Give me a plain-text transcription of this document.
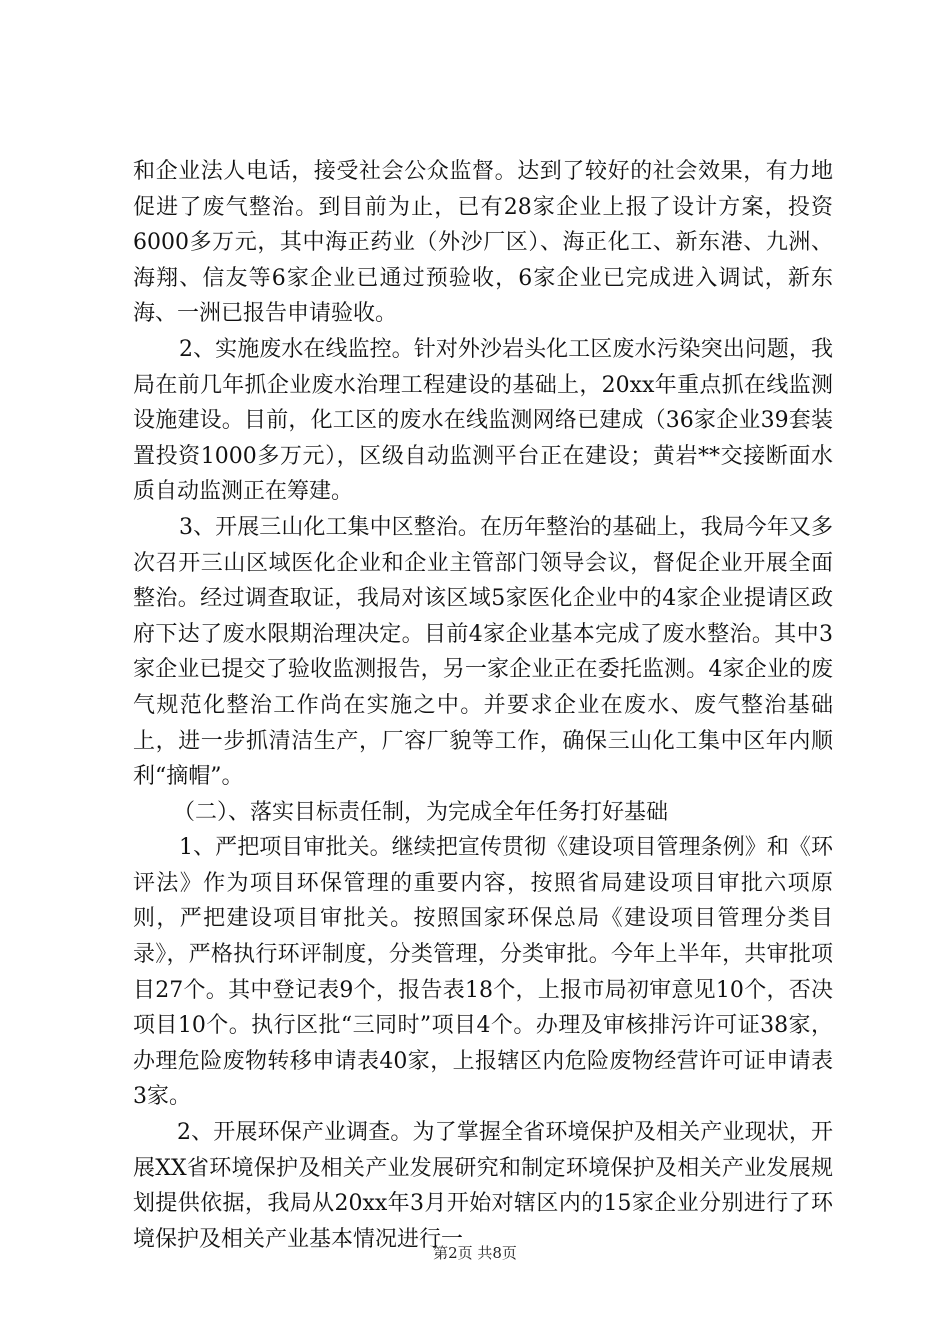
和企业法人电话，接受社会公众监督。达到了较好的社会效果，有力地促进了废气整治。到目前为止，已有28家企业上报了设计方案，投资6000多万元，其中海正药业（外沙厂区）、海正化工、新东港、九洲、海翔、信友等6家企业已通过预验收，6家企业已完成进入调试，新东海、一洲已报告申请验收。

2、实施废水在线监控。针对外沙岩头化工区废水污染突出问题，我局在前几年抓企业废水治理工程建设的基础上，20xx年重点抓在线监测设施建设。目前，化工区的废水在线监测网络已建成（36家企业39套装置投资1000多万元），区级自动监测平台正在建设；黄岩**交接断面水质自动监测正在筹建。

3、开展三山化工集中区整治。在历年整治的基础上，我局今年又多次召开三山区域医化企业和企业主管部门领导会议，督促企业开展全面整治。经过调查取证，我局对该区域5家医化企业中的4家企业提请区政府下达了废水限期治理决定。目前4家企业基本完成了废水整治。其中3家企业已提交了验收监测报告，另一家企业正在委托监测。4家企业的废气规范化整治工作尚在实施之中。并要求企业在废水、废气整治基础上，进一步抓清洁生产，厂容厂貌等工作，确保三山化工集中区年内顺利“摘帽”。

（二）、落实目标责任制，为完成全年任务打好基础

1、严把项目审批关。继续把宣传贯彻《建设项目管理条例》和《环评法》作为项目环保管理的重要内容，按照省局建设项目审批六项原则，严把建设项目审批关。按照国家环保总局《建设项目管理分类目录》，严格执行环评制度，分类管理，分类审批。今年上半年，共审批项目27个。其中登记表9个，报告表18个，上报市局初审意见10个，否决项目10个。执行区批“三同时”项目4个。办理及审核排污许可证38家，办理危险废物转移申请表40家，上报辖区内危险废物经营许可证申请表3家。

2、开展环保产业调查。为了掌握全省环境保护及相关产业现状，开展XX省环境保护及相关产业发展研究和制定环境保护及相关产业发展规划提供依据，我局从20xx年3月开始对辖区内的15家企业分别进行了环境保护及相关产业基本情况进行一

第2页 共8页
